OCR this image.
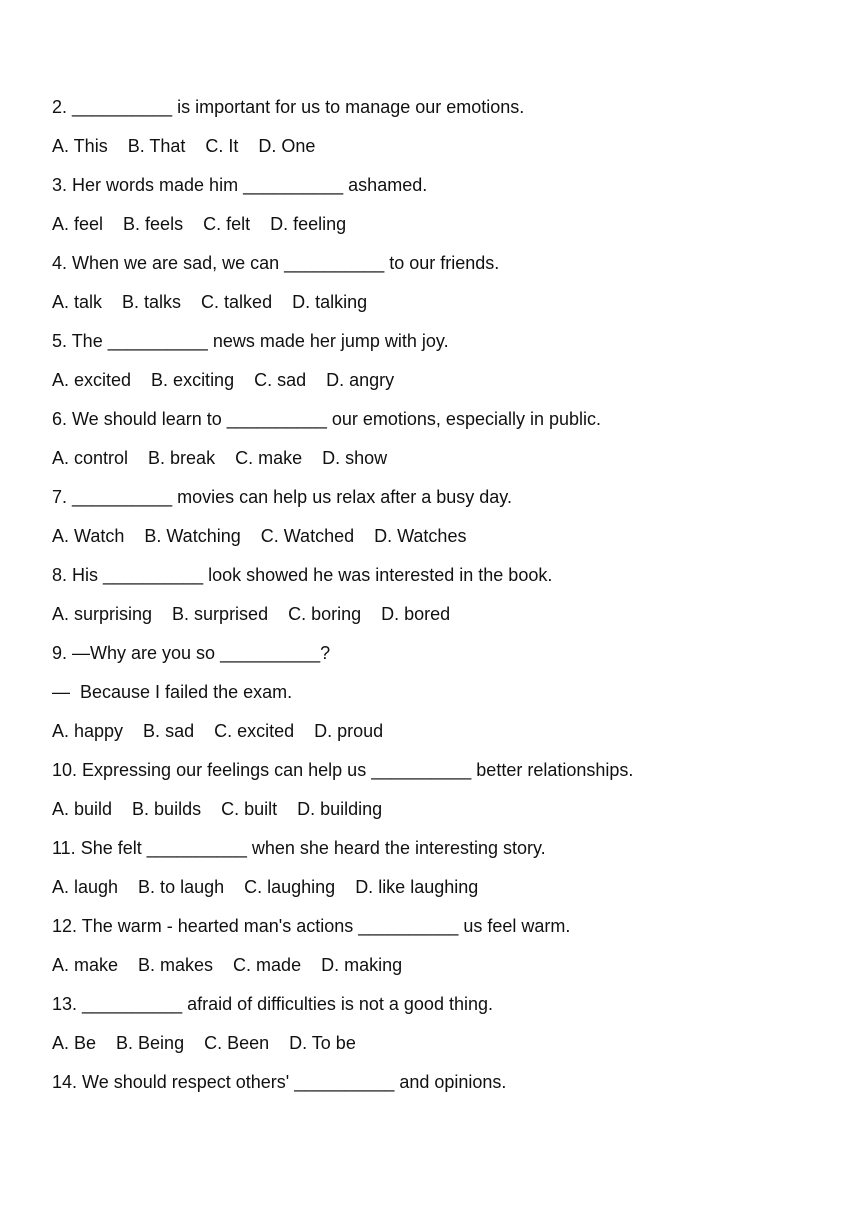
2. __________ is important for us to manage our emotions.
A. This    B. That    C. It    D. One
3. Her words made him __________ ashamed.
A. feel    B. feels    C. felt    D. feeling
4. When we are sad, we can __________ to our friends.
A. talk    B. talks    C. talked    D. talking
5. The __________ news made her jump with joy.
A. excited    B. exciting    C. sad    D. angry
6. We should learn to __________ our emotions, especially in public.
A. control    B. break    C. make    D. show
7. __________ movies can help us relax after a busy day.
A. Watch    B. Watching    C. Watched    D. Watches
8. His __________ look showed he was interested in the book.
A. surprising    B. surprised    C. boring    D. bored
9. —Why are you so __________?
—  Because I failed the exam.
A. happy    B. sad    C. excited    D. proud
10. Expressing our feelings can help us __________ better relationships.
A. build    B. builds    C. built    D. building
11. She felt __________ when she heard the interesting story.
A. laugh    B. to laugh    C. laughing    D. like laughing
12. The warm - hearted man's actions __________ us feel warm.
A. make    B. makes    C. made    D. making
13. __________ afraid of difficulties is not a good thing.
A. Be    B. Being    C. Been    D. To be
14. We should respect others' __________ and opinions.
